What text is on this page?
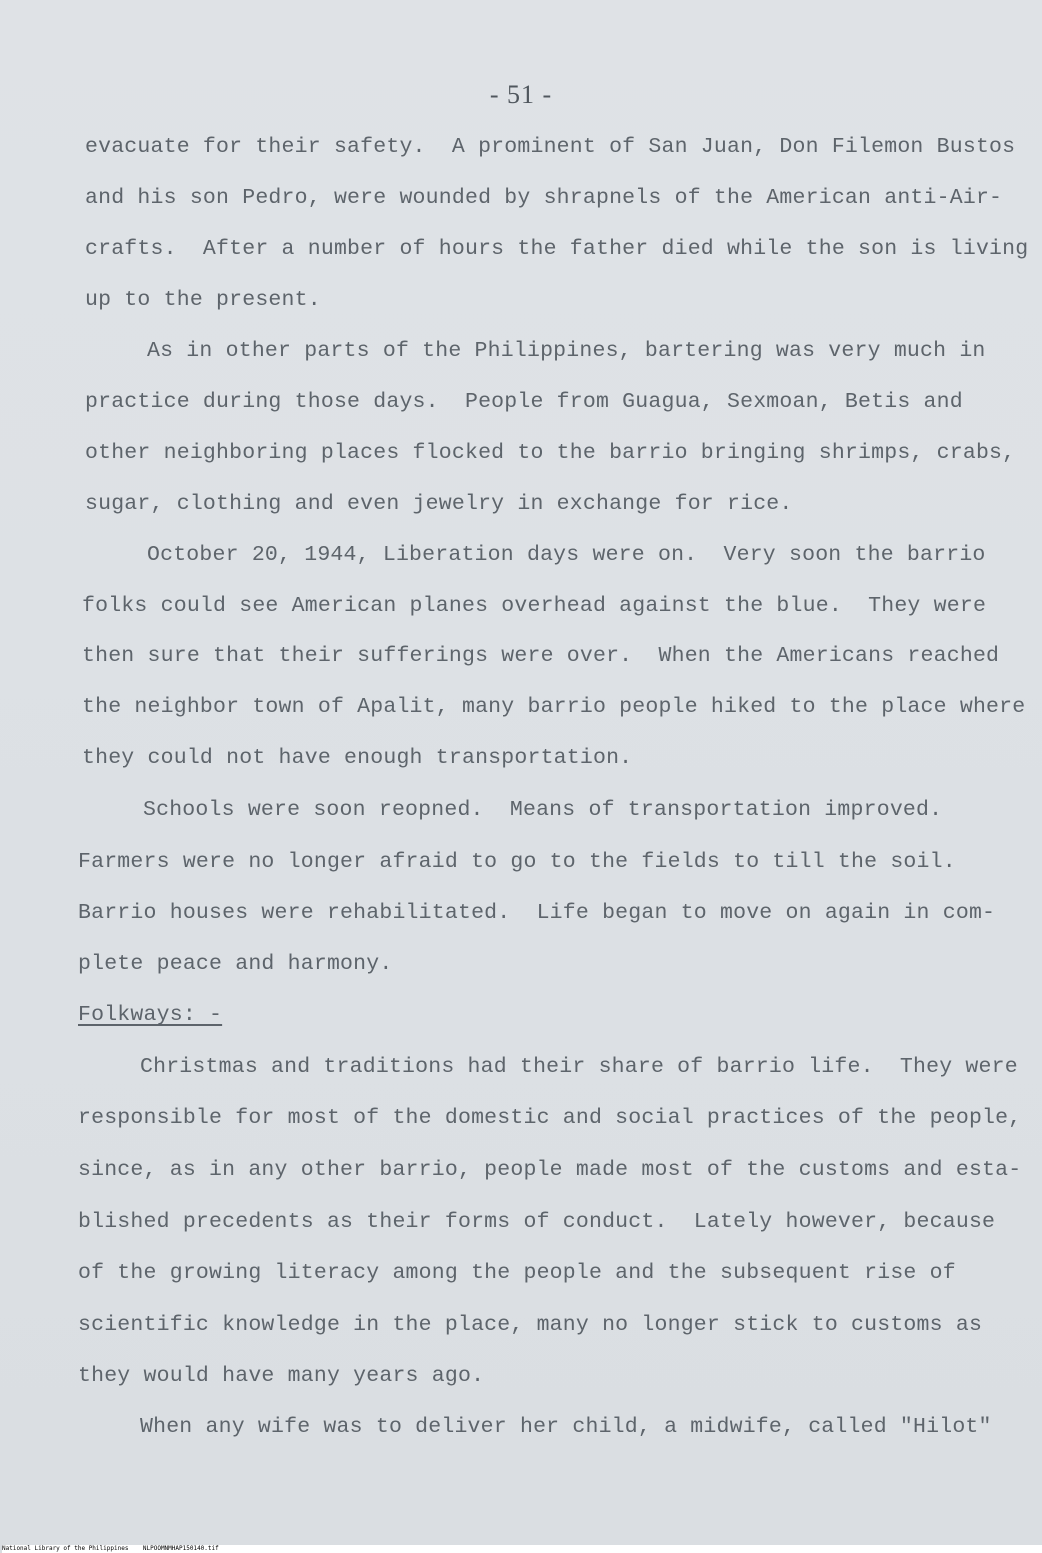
- 51 -
evacuate for their safety.  A prominent of San Juan, Don Filemon Bustos
and his son Pedro, were wounded by shrapnels of the American anti-Air-
crafts.  After a number of hours the father died while the son is living
up to the present.
As in other parts of the Philippines, bartering was very much in
practice during those days.  People from Guagua, Sexmoan, Betis and
other neighboring places flocked to the barrio bringing shrimps, crabs,
sugar, clothing and even jewelry in exchange for rice.
October 20, 1944, Liberation days were on.  Very soon the barrio
folks could see American planes overhead against the blue.  They were
then sure that their sufferings were over.  When the Americans reached
the neighbor town of Apalit, many barrio people hiked to the place where
they could not have enough transportation.
Schools were soon reopned.  Means of transportation improved.
Farmers were no longer afraid to go to the fields to till the soil.
Barrio houses were rehabilitated.  Life began to move on again in com-
plete peace and harmony.
Folkways: -
Christmas and traditions had their share of barrio life.  They were
responsible for most of the domestic and social practices of the people,
since, as in any other barrio, people made most of the customs and esta-
blished precedents as their forms of conduct.  Lately however, because
of the growing literacy among the people and the subsequent rise of
scientific knowledge in the place, many no longer stick to customs as
they would have many years ago.
When any wife was to deliver her child, a midwife, called "Hilot"
National Library of the Philippines    NLPOOMNMHAP150140.tif
